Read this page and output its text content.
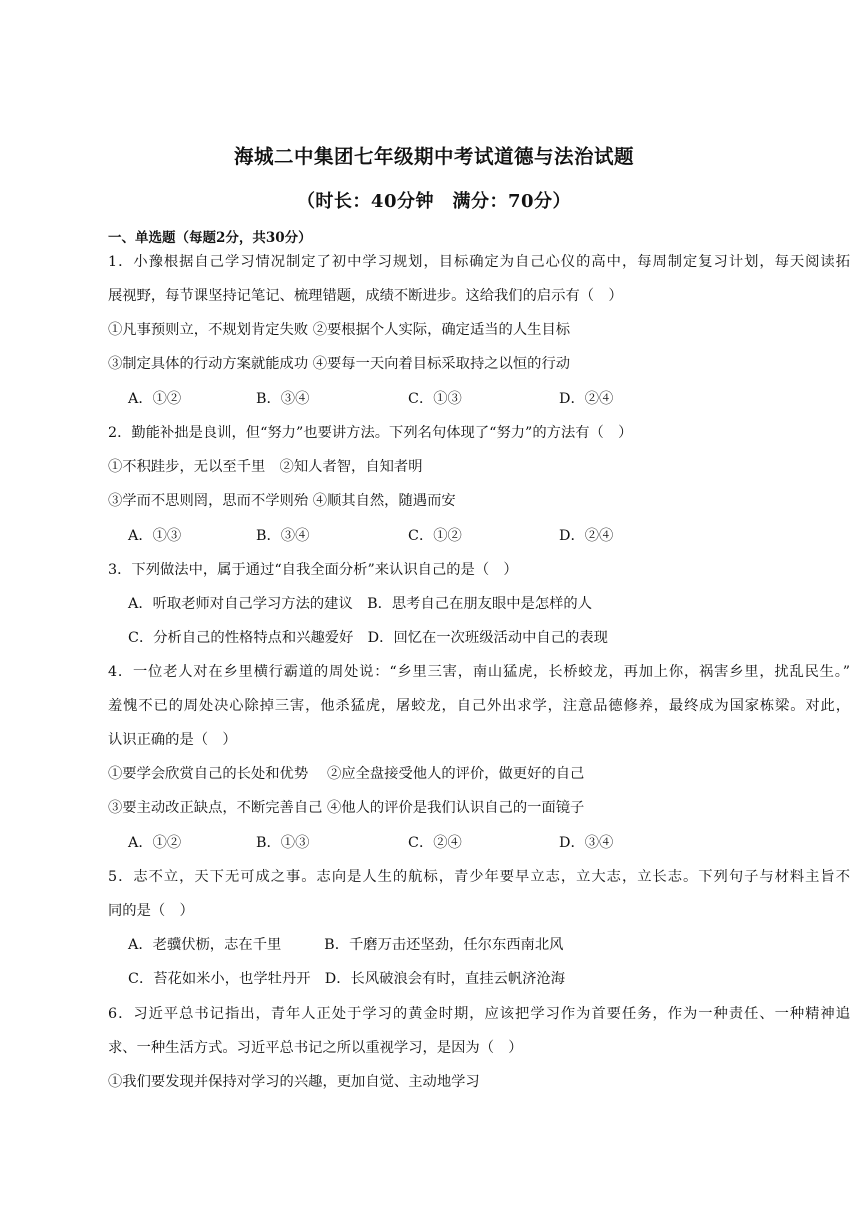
海城二中集团七年级期中考试道德与法治试题
（时长：40分钟　满分：70分）
一、单选题（每题2分，共30分）
1．小豫根据自己学习情况制定了初中学习规划，目标确定为自己心仪的高中，每周制定复习计划，每天阅读拓
展视野，每节课坚持记笔记、梳理错题，成绩不断进步。这给我们的启示有（　）
①凡事预则立，不规划肯定失败 ②要根据个人实际，确定适当的人生目标
③制定具体的行动方案就能成功 ④要每一天向着目标采取持之以恒的行动
A．①②	B．③④	C．①③	D．②④
2．勤能补拙是良训，但“努力”也要讲方法。下列名句体现了“努力”的方法有（　）
①不积跬步，无以至千里　②知人者智，自知者明
③学而不思则罔，思而不学则殆 ④顺其自然，随遇而安
A．①③	B．③④	C．①②	D．②④
3．下列做法中，属于通过“自我全面分析”来认识自己的是（　）
A．听取老师对自己学习方法的建议　B．思考自己在朋友眼中是怎样的人
C．分析自己的性格特点和兴趣爱好　D．回忆在一次班级活动中自己的表现
4．一位老人对在乡里横行霸道的周处说：“乡里三害，南山猛虎，长桥蛟龙，再加上你，祸害乡里，扰乱民生。”
羞愧不已的周处决心除掉三害，他杀猛虎，屠蛟龙，自己外出求学，注意品德修养，最终成为国家栋梁。对此，
认识正确的是（　）
①要学会欣赏自己的长处和优势　 ②应全盘接受他人的评价，做更好的自己
③要主动改正缺点，不断完善自己 ④他人的评价是我们认识自己的一面镜子
A．①②	B．①③	C．②④	D．③④
5．志不立，天下无可成之事。志向是人生的航标，青少年要早立志，立大志，立长志。下列句子与材料主旨不
同的是（　）
A．老骥伏枥，志在千里　　　B．千磨万击还坚劲，任尔东西南北风
C．苔花如米小，也学牡丹开　D．长风破浪会有时，直挂云帆济沧海
6．习近平总书记指出，青年人正处于学习的黄金时期，应该把学习作为首要任务，作为一种责任、一种精神追
求、一种生活方式。习近平总书记之所以重视学习，是因为（　）
①我们要发现并保持对学习的兴趣，更加自觉、主动地学习
